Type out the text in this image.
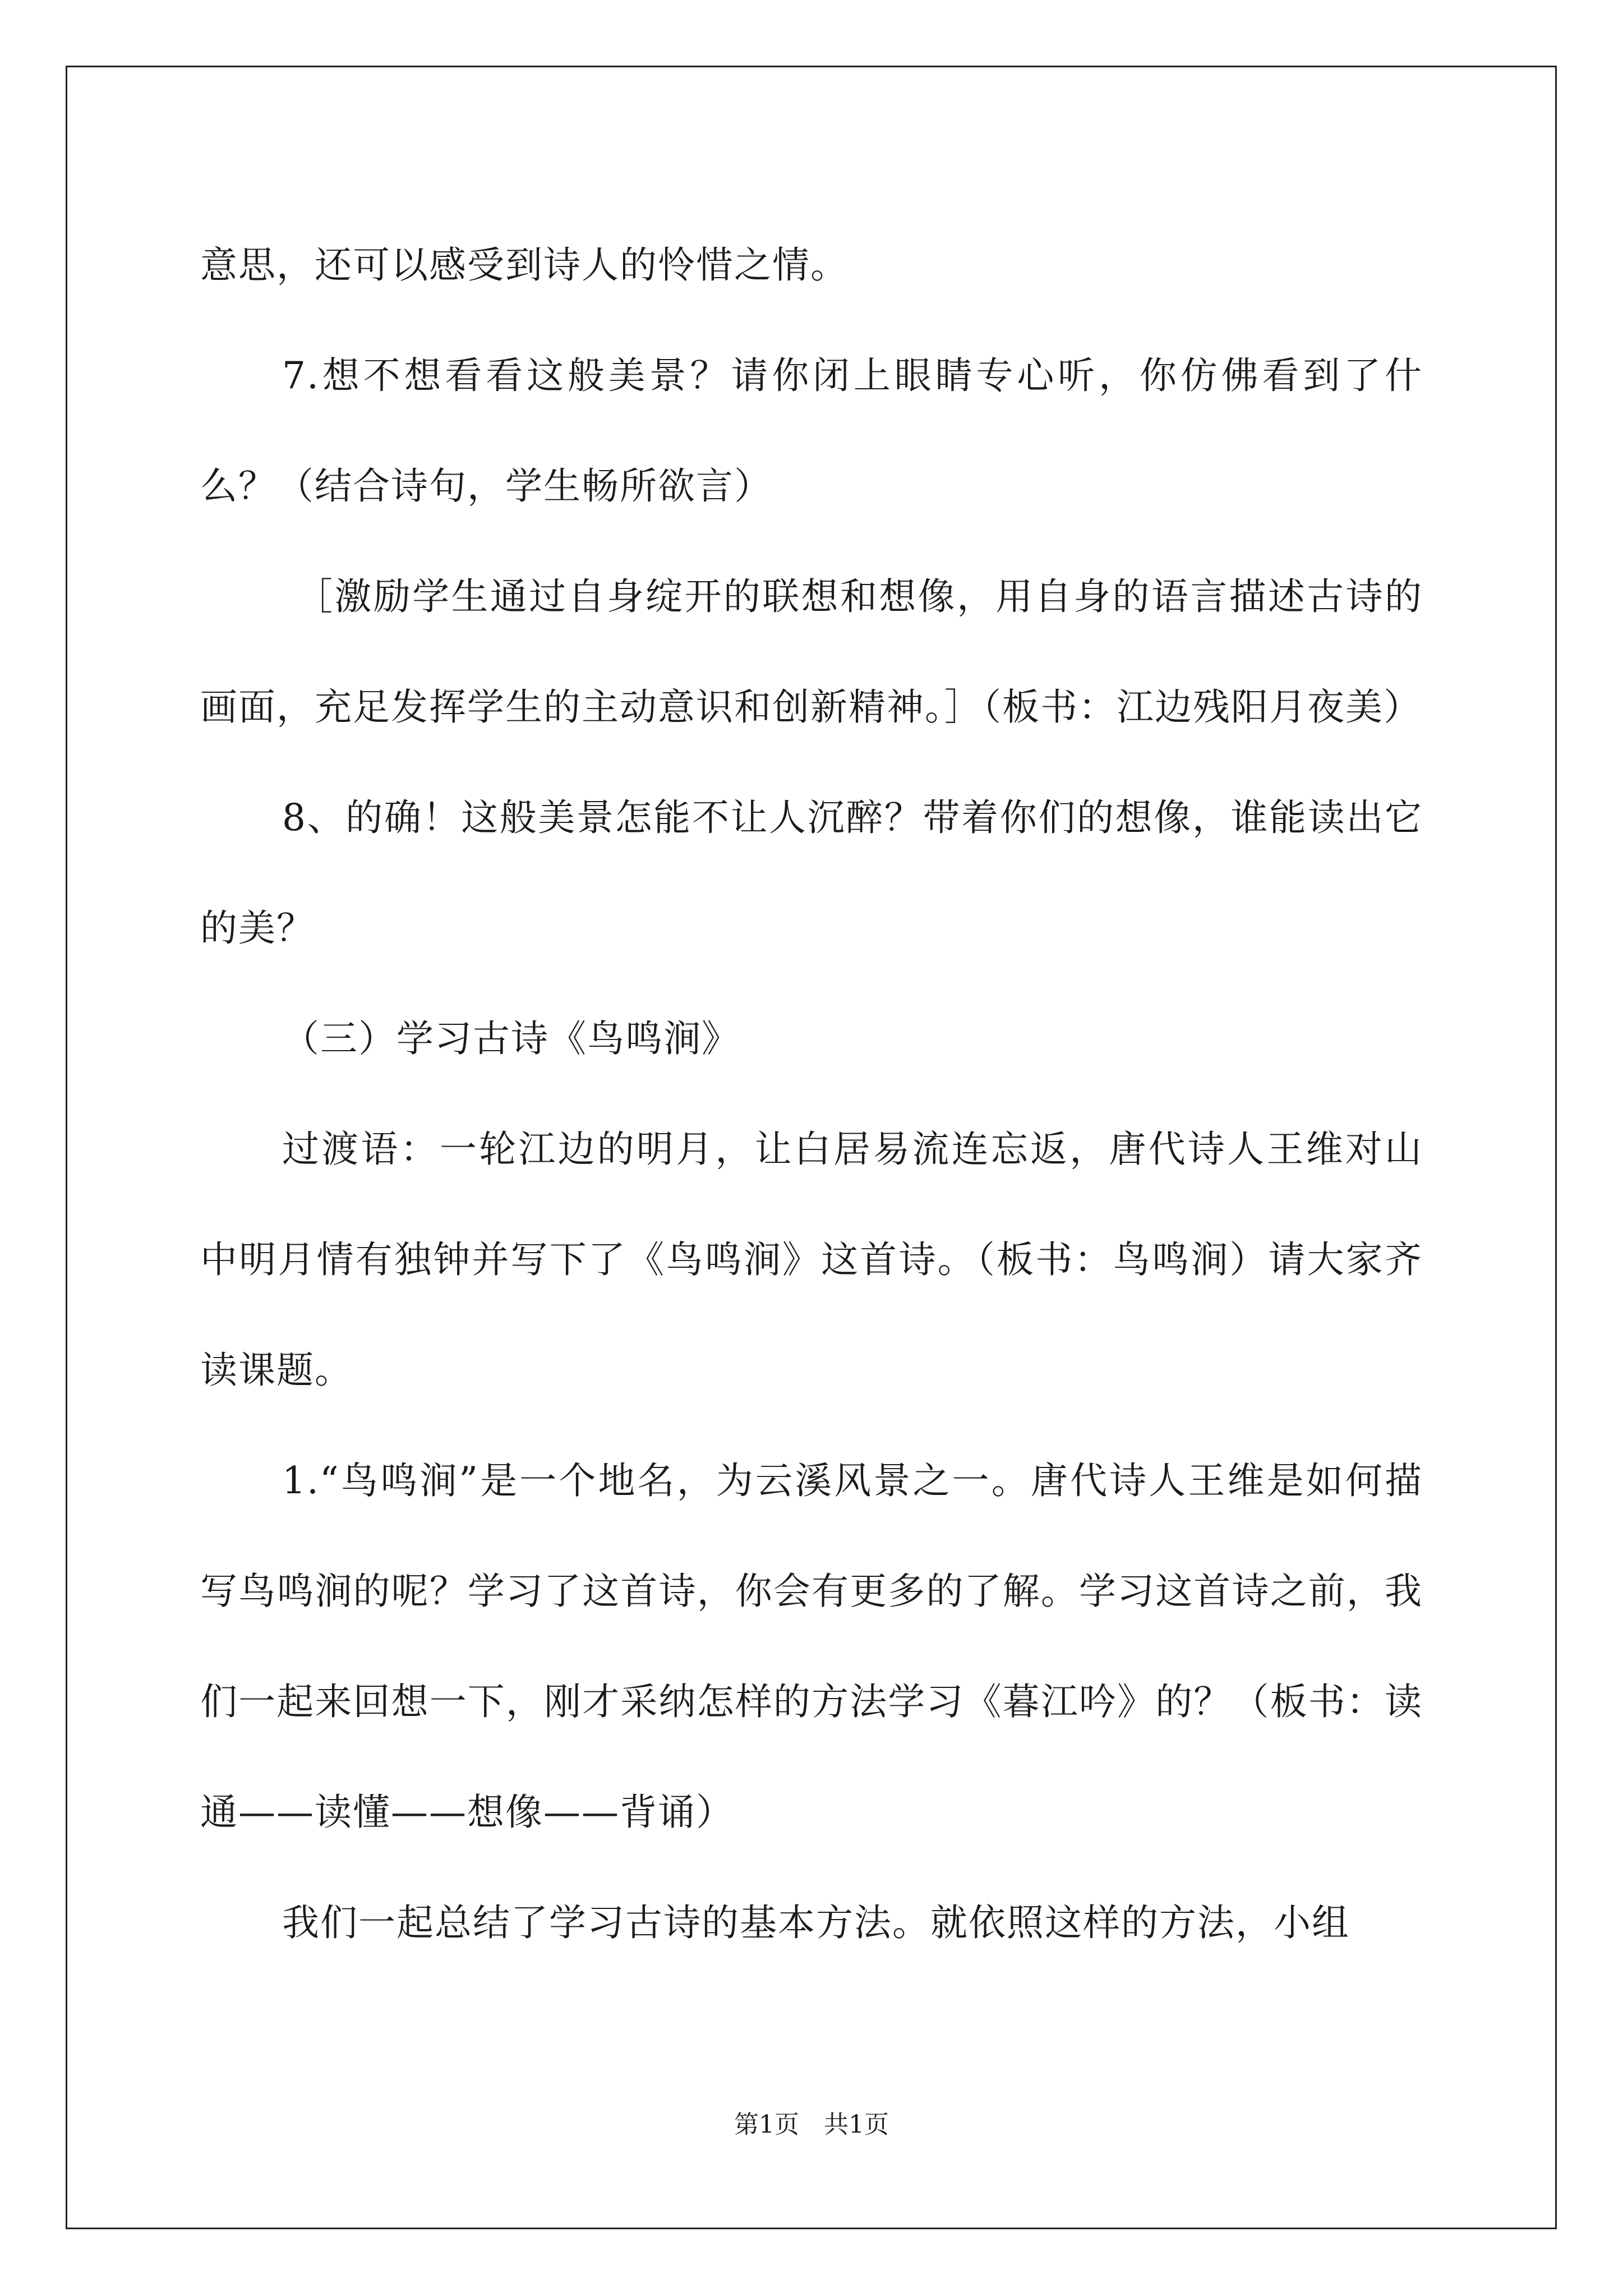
意思，还可以感受到诗人的怜惜之情。

7.想不想看看这般美景？请你闭上眼睛专心听，你仿佛看到了什么？（结合诗句，学生畅所欲言）

［激励学生通过自身绽开的联想和想像，用自身的语言描述古诗的画面，充足发挥学生的主动意识和创新精神。］（板书：江边残阳月夜美）

8、的确！这般美景怎能不让人沉醉？带着你们的想像，谁能读出它的美？

（三）学习古诗《鸟鸣涧》

过渡语：一轮江边的明月，让白居易流连忘返，唐代诗人王维对山中明月情有独钟并写下了《鸟鸣涧》这首诗。（板书：鸟鸣涧）请大家齐读课题。

1.“鸟鸣涧”是一个地名，为云溪风景之一。唐代诗人王维是如何描写鸟鸣涧的呢？学习了这首诗，你会有更多的了解。学习这首诗之前，我们一起来回想一下，刚才采纳怎样的方法学习《暮江吟》的？（板书：读通——读懂——想像——背诵）

我们一起总结了学习古诗的基本方法。就依照这样的方法，小组

第1页 共1页
